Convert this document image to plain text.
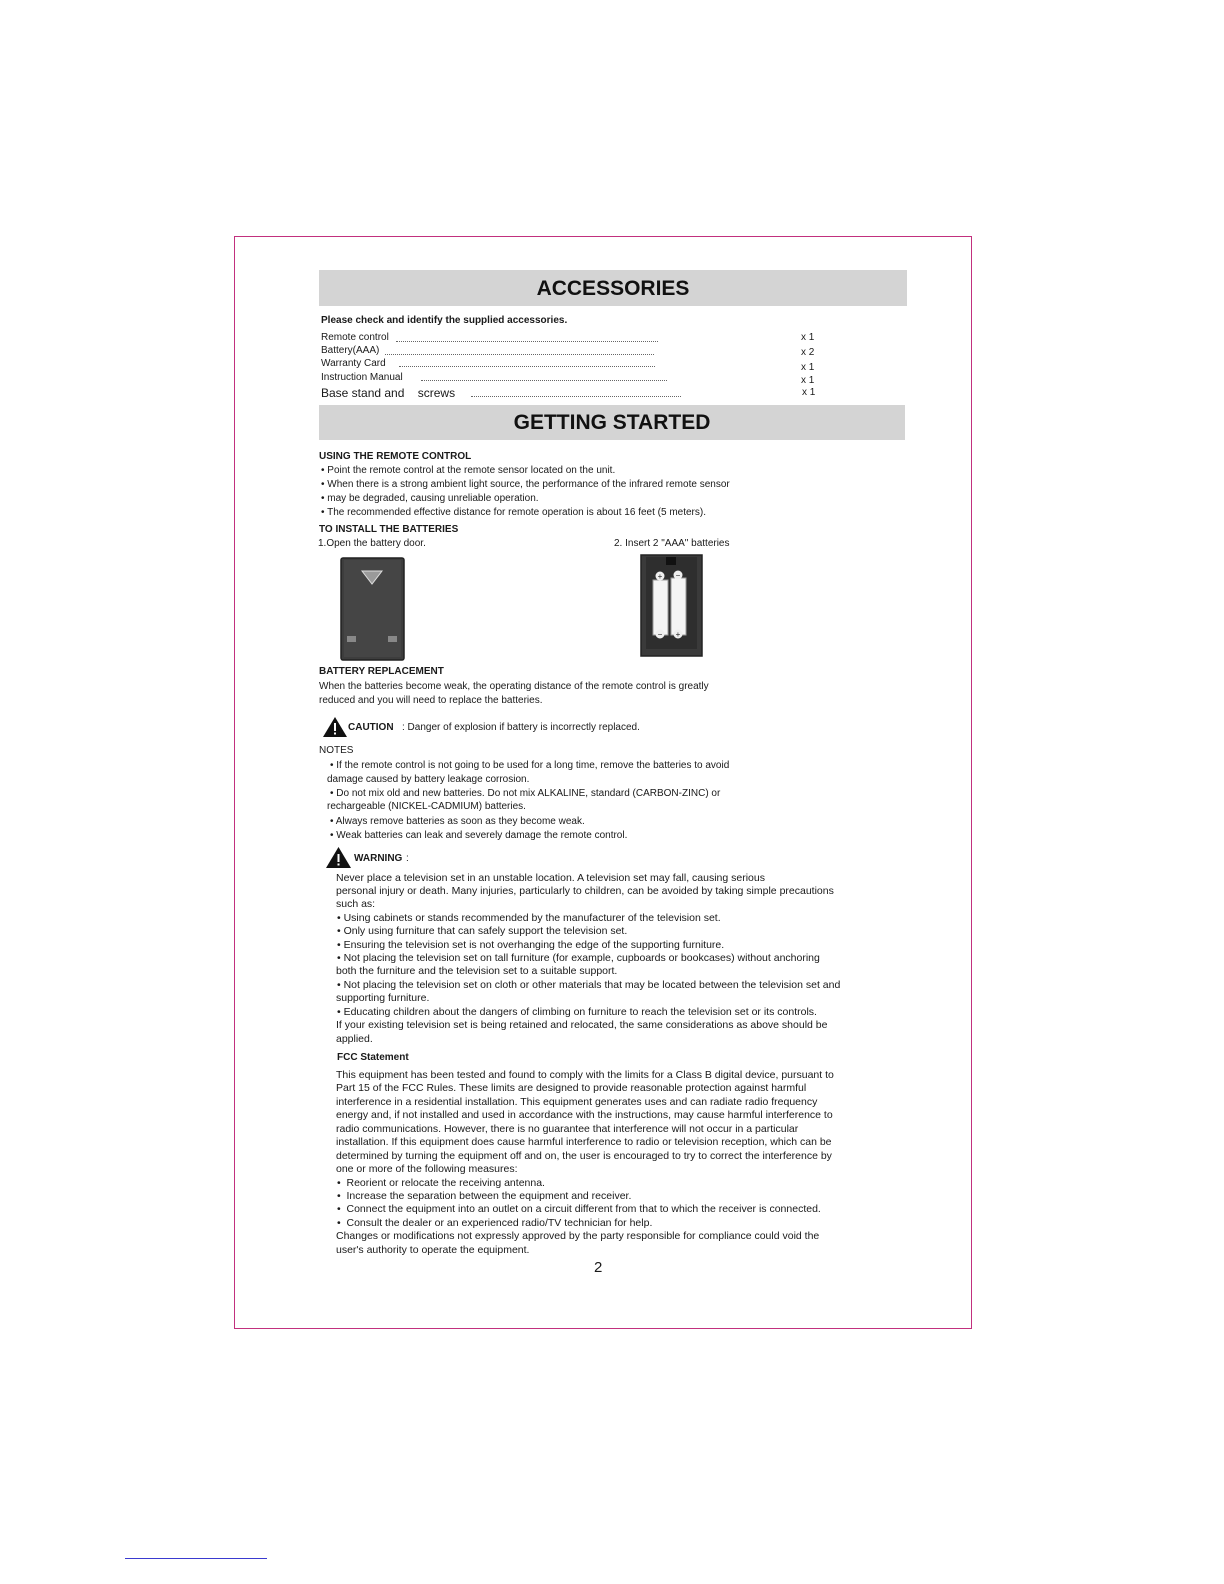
ACCESSORIES
Please check and identify the supplied accessories.
Remote control	x 1
Battery(AAA)	x 2
Warranty Card	x 1
Instruction Manual	x 1
Base stand and    screws	x 1
GETTING STARTED
USING THE REMOTE CONTROL
• Point the remote control at the remote sensor located on the unit.
• When there is a strong ambient light source, the performance of the infrared remote sensor
• may be degraded, causing unreliable operation.
• The recommended effective distance for remote operation is about 16 feet (5 meters).
TO INSTALL THE BATTERIES
1.Open the battery door.	2. Insert 2 "AAA" batteries
+ −
− +
BATTERY REPLACEMENT
When the batteries become weak, the operating distance of the remote control is greatly
reduced and you will need to replace the batteries.
CAUTION : Danger of explosion if battery is incorrectly replaced.
NOTES
• If the remote control is not going to be used for a long time, remove the batteries to avoid
damage caused by battery leakage corrosion.
• Do not mix old and new batteries. Do not mix ALKALINE, standard (CARBON-ZINC) or
rechargeable (NICKEL-CADMIUM) batteries.
• Always remove batteries as soon as they become weak.
• Weak batteries can leak and severely damage the remote control.
WARNING :
Never place a television set in an unstable location. A television set may fall, causing serious
personal injury or death. Many injuries, particularly to children, can be avoided by taking simple precautions
such as:
• Using cabinets or stands recommended by the manufacturer of the television set.
• Only using furniture that can safely support the television set.
• Ensuring the television set is not overhanging the edge of the supporting furniture.
• Not placing the television set on tall furniture (for example, cupboards or bookcases) without anchoring
both the furniture and the television set to a suitable support.
• Not placing the television set on cloth or other materials that may be located between the television set and
supporting furniture.
• Educating children about the dangers of climbing on furniture to reach the television set or its controls.
If your existing television set is being retained and relocated, the same considerations as above should be
applied.
FCC Statement
This equipment has been tested and found to comply with the limits for a Class B digital device, pursuant to
Part 15 of the FCC Rules. These limits are designed to provide reasonable protection against harmful
interference in a residential installation. This equipment generates uses and can radiate radio frequency
energy and, if not installed and used in accordance with the instructions, may cause harmful interference to
radio communications. However, there is no guarantee that interference will not occur in a particular
installation. If this equipment does cause harmful interference to radio or television reception, which can be
determined by turning the equipment off and on, the user is encouraged to try to correct the interference by
one or more of the following measures:
•  Reorient or relocate the receiving antenna.
•  Increase the separation between the equipment and receiver.
•  Connect the equipment into an outlet on a circuit different from that to which the receiver is connected.
•  Consult the dealer or an experienced radio/TV technician for help.
Changes or modifications not expressly approved by the party responsible for compliance could void the
user's authority to operate the equipment.
2
